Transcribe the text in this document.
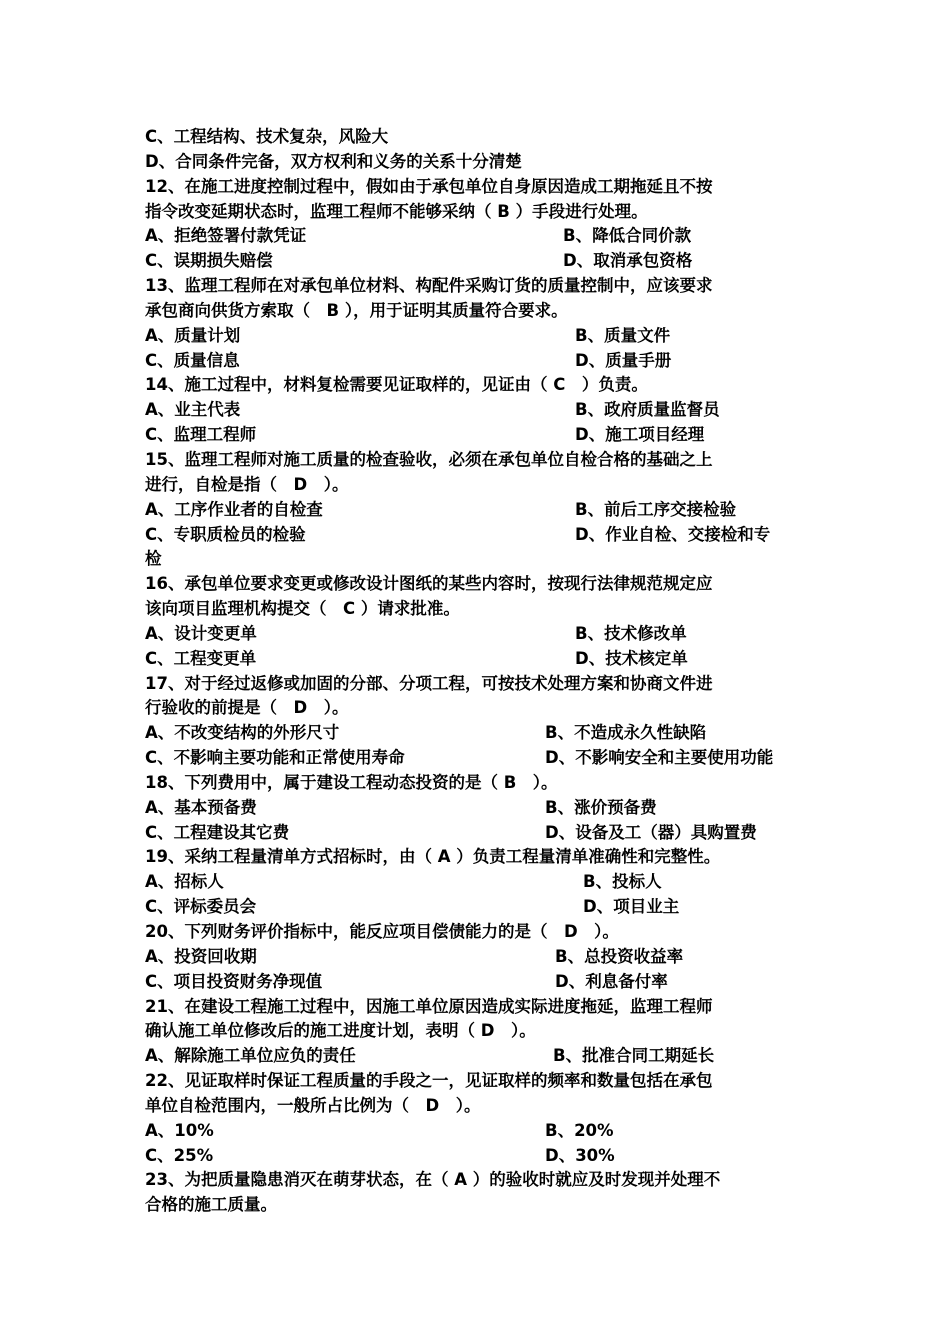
C、工程结构、技术复杂，风险大
D、合同条件完备，双方权利和义务的关系十分清楚
12、在施工进度控制过程中，假如由于承包单位自身原因造成工期拖延且不按
指令改变延期状态时，监理工程师不能够采纳（ B ）手段进行处理。
A、拒绝签署付款凭证	B、降低合同价款
C、误期损失赔偿	D、取消承包资格
13、监理工程师在对承包单位材料、构配件采购订货的质量控制中，应该要求
承包商向供货方索取（　B ），用于证明其质量符合要求。
A、质量计划	B、质量文件
C、质量信息	D、质量手册
14、施工过程中，材料复检需要见证取样的，见证由（ C　）负责。
A、业主代表	B、政府质量监督员
C、监理工程师	D、施工项目经理
15、监理工程师对施工质量的检查验收，必须在承包单位自检合格的基础之上
进行，自检是指（　D　）。
A、工序作业者的自检查	B、前后工序交接检验
C、专职质检员的检验	D、作业自检、交接检和专
检
16、承包单位要求变更或修改设计图纸的某些内容时，按现行法律规范规定应
该向项目监理机构提交（　C ）请求批准。
A、设计变更单	B、技术修改单
C、工程变更单	D、技术核定单
17、对于经过返修或加固的分部、分项工程，可按技术处理方案和协商文件进
行验收的前提是（　D　）。
A、不改变结构的外形尺寸	B、不造成永久性缺陷
C、不影响主要功能和正常使用寿命	D、不影响安全和主要使用功能
18、下列费用中，属于建设工程动态投资的是（ B　）。
A、基本预备费	B、涨价预备费
C、工程建设其它费	D、设备及工（器）具购置费
19、采纳工程量清单方式招标时，由（ A ）负责工程量清单准确性和完整性。
A、招标人	B、投标人
C、评标委员会	D、项目业主
20、下列财务评价指标中，能反应项目偿债能力的是（　D　）。
A、投资回收期	B、总投资收益率
C、项目投资财务净现值	D、利息备付率
21、在建设工程施工过程中，因施工单位原因造成实际进度拖延，监理工程师
确认施工单位修改后的施工进度计划，表明（ D　）。
A、解除施工单位应负的责任	B、批准合同工期延长
22、见证取样时保证工程质量的手段之一，见证取样的频率和数量包括在承包
单位自检范围内，一般所占比例为（　D　）。
A、10%	B、20%
C、25%	D、30%
23、为把质量隐患消灭在萌芽状态，在（ A ）的验收时就应及时发现并处理不
合格的施工质量。
